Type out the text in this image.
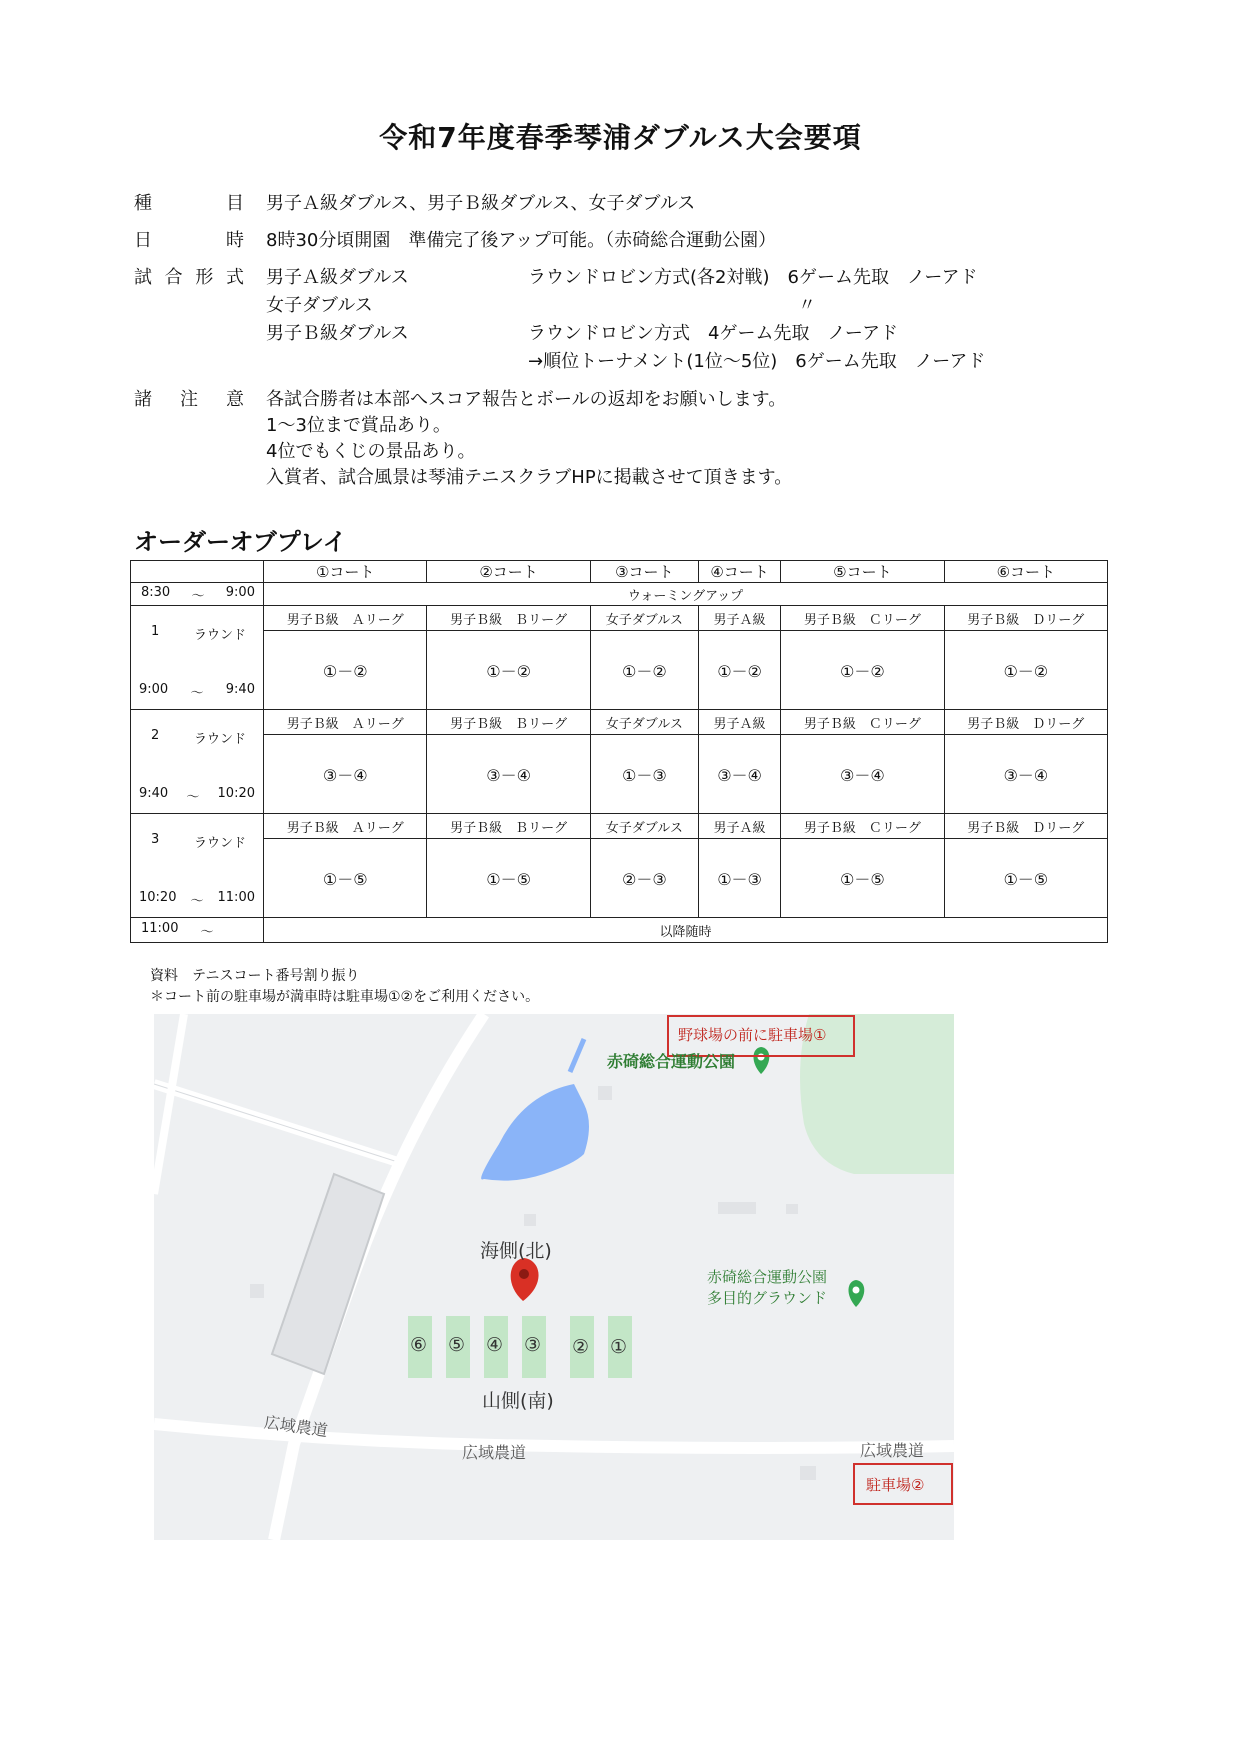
令和7年度春季琴浦ダブルス大会要項
種	目 男子Ａ級ダブルス、男子Ｂ級ダブルス、女子ダブルス
日	時 8時30分頃開園　準備完了後アップ可能。（赤碕総合運動公園）
試 合 形 式 男子Ａ級ダブルス	ラウンドロビン方式(各2対戦)　6ゲーム先取　ノーアド
女子ダブルス	〃
男子Ｂ級ダブルス	ラウンドロビン方式　4ゲーム先取　ノーアド
→順位トーナメント(1位～5位)　6ゲーム先取　ノーアド
諸 注 意 各試合勝者は本部へスコア報告とボールの返却をお願いします。
1～3位まで賞品あり。
4位でもくじの景品あり。
入賞者、試合風景は琴浦テニスクラブHPに掲載させて頂きます。
オーダーオブプレイ
	①コート	②コート	③コート	④コート	⑤コート	⑥コート

8:30 ～ 9:00	ウォーミングアップ					

1 ラウンド
9:00 ～ 9:40	男子Ｂ級　Ａリーグ	男子Ｂ級　Ｂリーグ	女子ダブルス	男子Ａ級	男子Ｂ級　Ｃリーグ	男子Ｂ級　Ｄリーグ
	①－②	①－②	①－②	①－②	①－②	①－②

2 ラウンド
9:40 ～ 10:20	男子Ｂ級　Ａリーグ	男子Ｂ級　Ｂリーグ	女子ダブルス	男子Ａ級	男子Ｂ級　Ｃリーグ	男子Ｂ級　Ｄリーグ
	③－④	③－④	①－③	③－④	③－④	③－④

3 ラウンド
10:20 ～ 11:00	男子Ｂ級　Ａリーグ	男子Ｂ級　Ｂリーグ	女子ダブルス	男子Ａ級	男子Ｂ級　Ｃリーグ	男子Ｂ級　Ｄリーグ
	①－⑤	①－⑤	②－③	①－③	①－⑤	①－⑤

11:00 ～	以降随時					
資料　テニスコート番号割り振り
＊コート前の駐車場が満車時は駐車場①②をご利用ください。
野球場の前に駐車場①
赤碕総合運動公園
海側(北)
赤碕総合運動公園
多目的グラウンド
山側(南)
広域農道
広域農道	広域農道
駐車場②
⑥ ⑤ ④ ③ ② ①
